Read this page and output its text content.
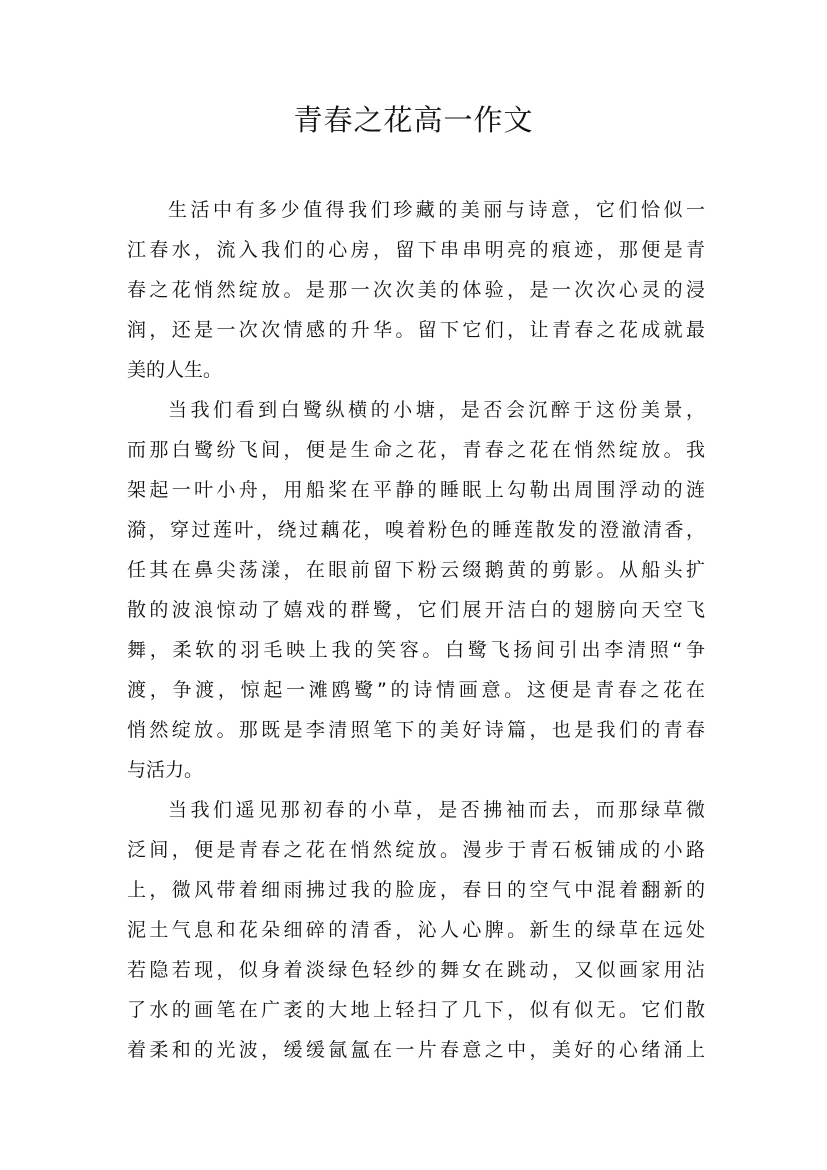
青春之花高一作文
生活中有多少值得我们珍藏的美丽与诗意，它们恰似一
江春水，流入我们的心房，留下串串明亮的痕迹，那便是青
春之花悄然绽放。是那一次次美的体验，是一次次心灵的浸
润，还是一次次情感的升华。留下它们，让青春之花成就最
美的人生。
当我们看到白鹭纵横的小塘，是否会沉醉于这份美景，
而那白鹭纷飞间，便是生命之花，青春之花在悄然绽放。我
架起一叶小舟，用船桨在平静的睡眠上勾勒出周围浮动的涟
漪，穿过莲叶，绕过藕花，嗅着粉色的睡莲散发的澄澈清香，
任其在鼻尖荡漾，在眼前留下粉云缀鹅黄的剪影。从船头扩
散的波浪惊动了嬉戏的群鹭，它们展开洁白的翅膀向天空飞
舞，柔软的羽毛映上我的笑容。白鹭飞扬间引出李清照“争
渡，争渡，惊起一滩鸥鹭”的诗情画意。这便是青春之花在
悄然绽放。那既是李清照笔下的美好诗篇，也是我们的青春
与活力。
当我们遥见那初春的小草，是否拂袖而去，而那绿草微
泛间，便是青春之花在悄然绽放。漫步于青石板铺成的小路
上，微风带着细雨拂过我的脸庞，春日的空气中混着翻新的
泥土气息和花朵细碎的清香，沁人心脾。新生的绿草在远处
若隐若现，似身着淡绿色轻纱的舞女在跳动，又似画家用沾
了水的画笔在广袤的大地上轻扫了几下，似有似无。它们散
着柔和的光波，缓缓氤氲在一片春意之中，美好的心绪涌上
